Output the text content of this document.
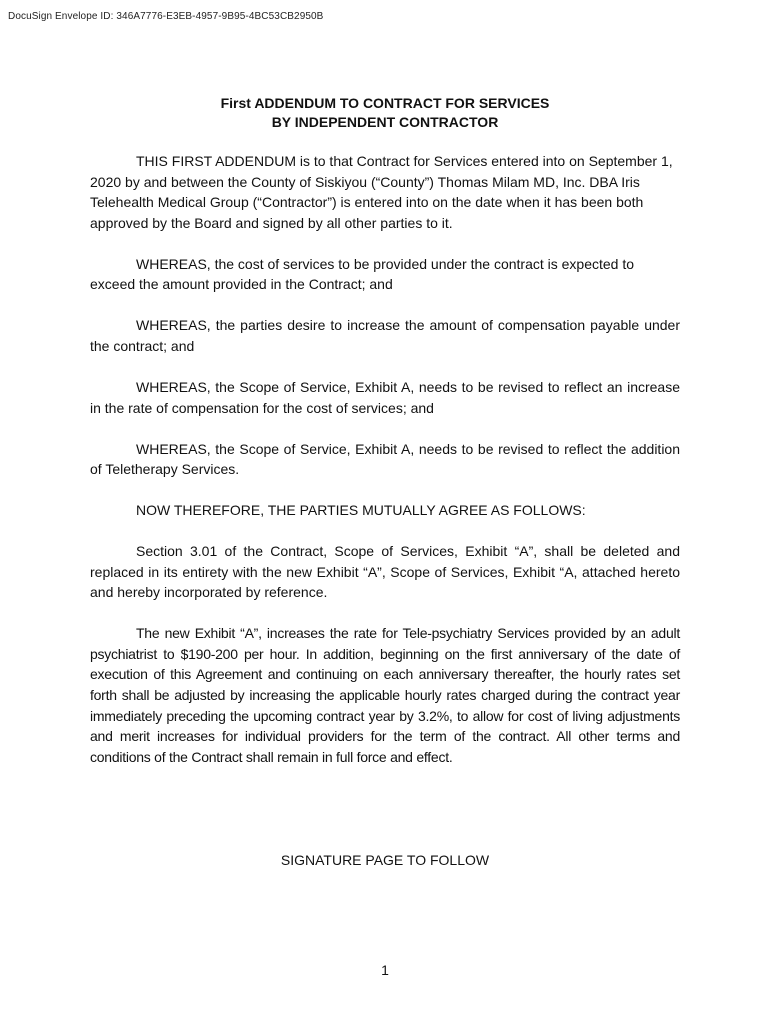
DocuSign Envelope ID: 346A7776-E3EB-4957-9B95-4BC53CB2950B
First ADDENDUM TO CONTRACT FOR SERVICES
BY INDEPENDENT CONTRACTOR

THIS FIRST ADDENDUM is to that Contract for Services entered into on September 1, 2020 by and between the County of Siskiyou (“County”) Thomas Milam MD, Inc. DBA Iris Telehealth Medical Group (“Contractor”) is entered into on the date when it has been both approved by the Board and signed by all other parties to it.

WHEREAS, the cost of services to be provided under the contract is expected to exceed the amount provided in the Contract; and

WHEREAS, the parties desire to increase the amount of compensation payable under the contract; and

WHEREAS, the Scope of Service, Exhibit A, needs to be revised to reflect an increase in the rate of compensation for the cost of services; and

WHEREAS, the Scope of Service, Exhibit A, needs to be revised to reflect the addition of Teletherapy Services.

NOW THEREFORE, THE PARTIES MUTUALLY AGREE AS FOLLOWS:

Section 3.01 of the Contract, Scope of Services, Exhibit “A”, shall be deleted and replaced in its entirety with the new Exhibit “A”, Scope of Services, Exhibit “A, attached hereto and hereby incorporated by reference.

The new Exhibit “A”, increases the rate for Tele-psychiatry Services provided by an adult psychiatrist to $190-200 per hour. In addition, beginning on the first anniversary of the date of execution of this Agreement and continuing on each anniversary thereafter, the hourly rates set forth shall be adjusted by increasing the applicable hourly rates charged during the contract year immediately preceding the upcoming contract year by 3.2%, to allow for cost of living adjustments and merit increases for individual providers for the term of the contract. All other terms and conditions of the Contract shall remain in full force and effect.

SIGNATURE PAGE TO FOLLOW
1
